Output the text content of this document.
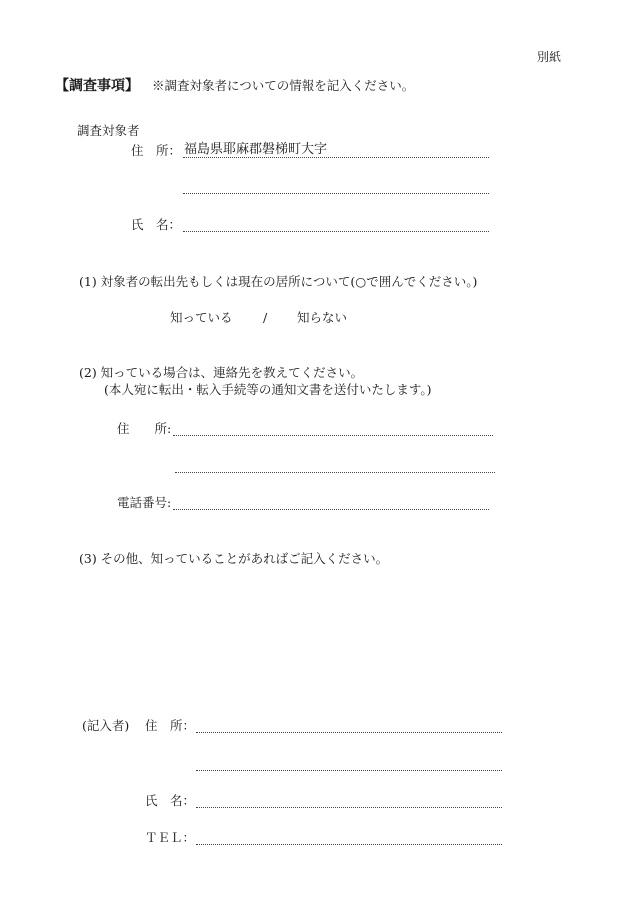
別紙
【調査事項】 ※調査対象者についての情報を記入ください。
調査対象者
住　所： 福島県耶麻郡磐梯町大字
氏　名：
(1) 対象者の転出先もしくは現在の居所について(○で囲んでください。)
知っている / 知らない
(2) 知っている場合は、連絡先を教えてください。
(本人宛に転出・転入手続等の通知文書を送付いたします。)
住　　所:
電話番号:
(3) その他、知っていることがあればご記入ください。
(記入者) 住　所：
氏　名：
ＴＥＬ：
